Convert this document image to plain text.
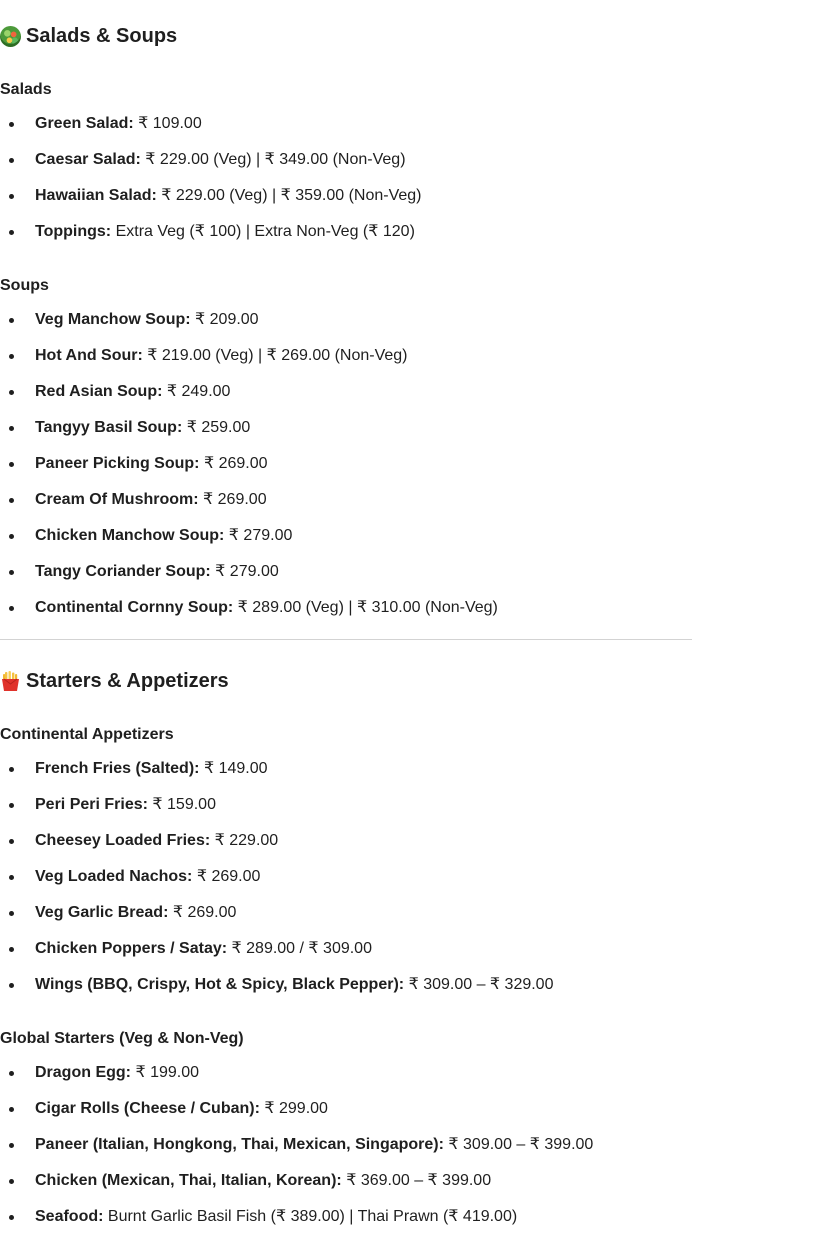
Salads & Soups
Salads
Green Salad: ₹ 109.00
Caesar Salad: ₹ 229.00 (Veg) | ₹ 349.00 (Non-Veg)
Hawaiian Salad: ₹ 229.00 (Veg) | ₹ 359.00 (Non-Veg)
Toppings: Extra Veg (₹ 100) | Extra Non-Veg (₹ 120)
Soups
Veg Manchow Soup: ₹ 209.00
Hot And Sour: ₹ 219.00 (Veg) | ₹ 269.00 (Non-Veg)
Red Asian Soup: ₹ 249.00
Tangyy Basil Soup: ₹ 259.00
Paneer Picking Soup: ₹ 269.00
Cream Of Mushroom: ₹ 269.00
Chicken Manchow Soup: ₹ 279.00
Tangy Coriander Soup: ₹ 279.00
Continental Cornny Soup: ₹ 289.00 (Veg) | ₹ 310.00 (Non-Veg)
Starters & Appetizers
Continental Appetizers
French Fries (Salted): ₹ 149.00
Peri Peri Fries: ₹ 159.00
Cheesey Loaded Fries: ₹ 229.00
Veg Loaded Nachos: ₹ 269.00
Veg Garlic Bread: ₹ 269.00
Chicken Poppers / Satay: ₹ 289.00 / ₹ 309.00
Wings (BBQ, Crispy, Hot & Spicy, Black Pepper): ₹ 309.00 – ₹ 329.00
Global Starters (Veg & Non-Veg)
Dragon Egg: ₹ 199.00
Cigar Rolls (Cheese / Cuban): ₹ 299.00
Paneer (Italian, Hongkong, Thai, Mexican, Singapore): ₹ 309.00 – ₹ 399.00
Chicken (Mexican, Thai, Italian, Korean): ₹ 369.00 – ₹ 399.00
Seafood: Burnt Garlic Basil Fish (₹ 389.00) | Thai Prawn (₹ 419.00)
